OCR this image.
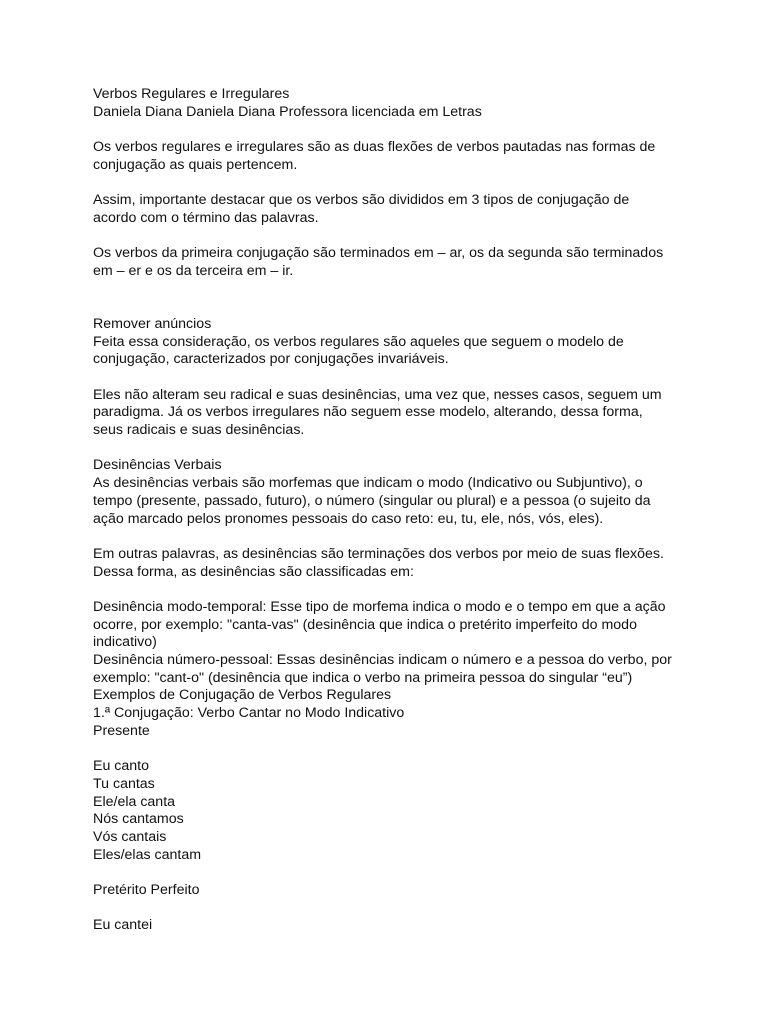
Verbos Regulares e Irregulares
Daniela Diana Daniela Diana Professora licenciada em Letras
Os verbos regulares e irregulares são as duas flexões de verbos pautadas nas formas de
conjugação as quais pertencem.
Assim, importante destacar que os verbos são divididos em 3 tipos de conjugação de
acordo com o término das palavras.
Os verbos da primeira conjugação são terminados em – ar, os da segunda são terminados
em – er e os da terceira em – ir.
Remover anúncios
Feita essa consideração, os verbos regulares são aqueles que seguem o modelo de
conjugação, caracterizados por conjugações invariáveis.
Eles não alteram seu radical e suas desinências, uma vez que, nesses casos, seguem um
paradigma. Já os verbos irregulares não seguem esse modelo, alterando, dessa forma,
seus radicais e suas desinências.
Desinências Verbais
As desinências verbais são morfemas que indicam o modo (Indicativo ou Subjuntivo), o
tempo (presente, passado, futuro), o número (singular ou plural) e a pessoa (o sujeito da
ação marcado pelos pronomes pessoais do caso reto: eu, tu, ele, nós, vós, eles).
Em outras palavras, as desinências são terminações dos verbos por meio de suas flexões.
Dessa forma, as desinências são classificadas em:
Desinência modo-temporal: Esse tipo de morfema indica o modo e o tempo em que a ação
ocorre, por exemplo: "canta-vas" (desinência que indica o pretérito imperfeito do modo
indicativo)
Desinência número-pessoal: Essas desinências indicam o número e a pessoa do verbo, por
exemplo: "cant-o" (desinência que indica o verbo na primeira pessoa do singular “eu”)
Exemplos de Conjugação de Verbos Regulares
1.ª Conjugação: Verbo Cantar no Modo Indicativo
Presente
Eu canto
Tu cantas
Ele/ela canta
Nós cantamos
Vós cantais
Eles/elas cantam
Pretérito Perfeito
Eu cantei
